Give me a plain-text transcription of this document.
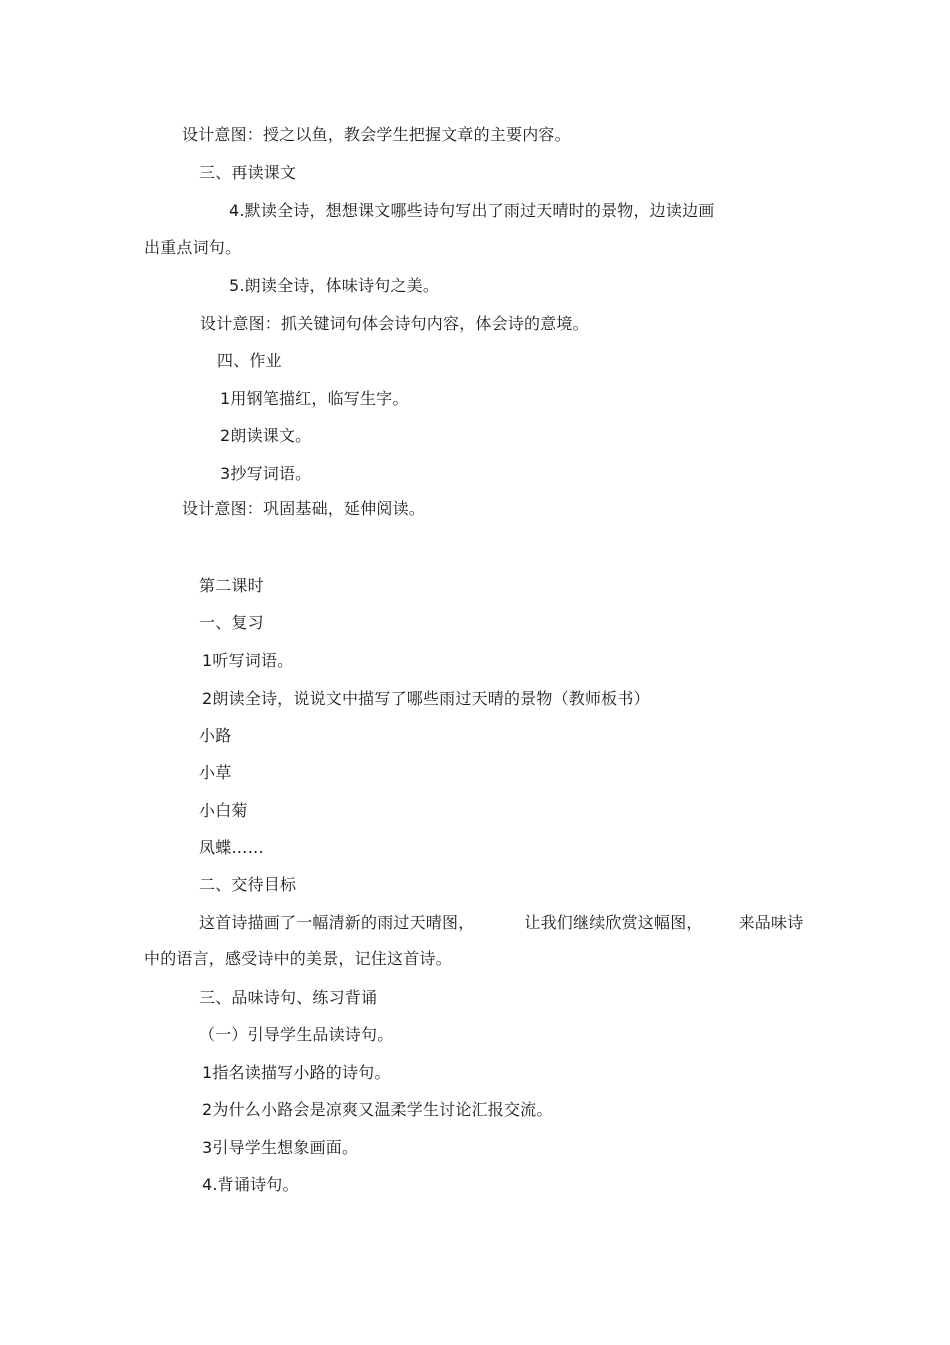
设计意图：授之以鱼，教会学生把握文章的主要内容。
三、再读课文
4.默读全诗，想想课文哪些诗句写出了雨过天晴时的景物，边读边画
出重点词句。
5.朗读全诗，体味诗句之美。
设计意图：抓关键词句体会诗句内容，体会诗的意境。
四、作业
1用钢笔描红，临写生字。
2朗读课文。
3抄写词语。
设计意图：巩固基础，延伸阅读。
第二课时
一、复习
1听写词语。
2朗读全诗，说说文中描写了哪些雨过天晴的景物（教师板书）
小路
小草
小白菊
凤蝶……
二、交待目标
这首诗描画了一幅清新的雨过天晴图，	让我们继续欣赏这幅图， 来品味诗
中的语言，感受诗中的美景，记住这首诗。
三、品味诗句、练习背诵
（一）引导学生品读诗句。
1指名读描写小路的诗句。
2为什么小路会是凉爽又温柔学生讨论汇报交流。
3引导学生想象画面。
4.背诵诗句。
